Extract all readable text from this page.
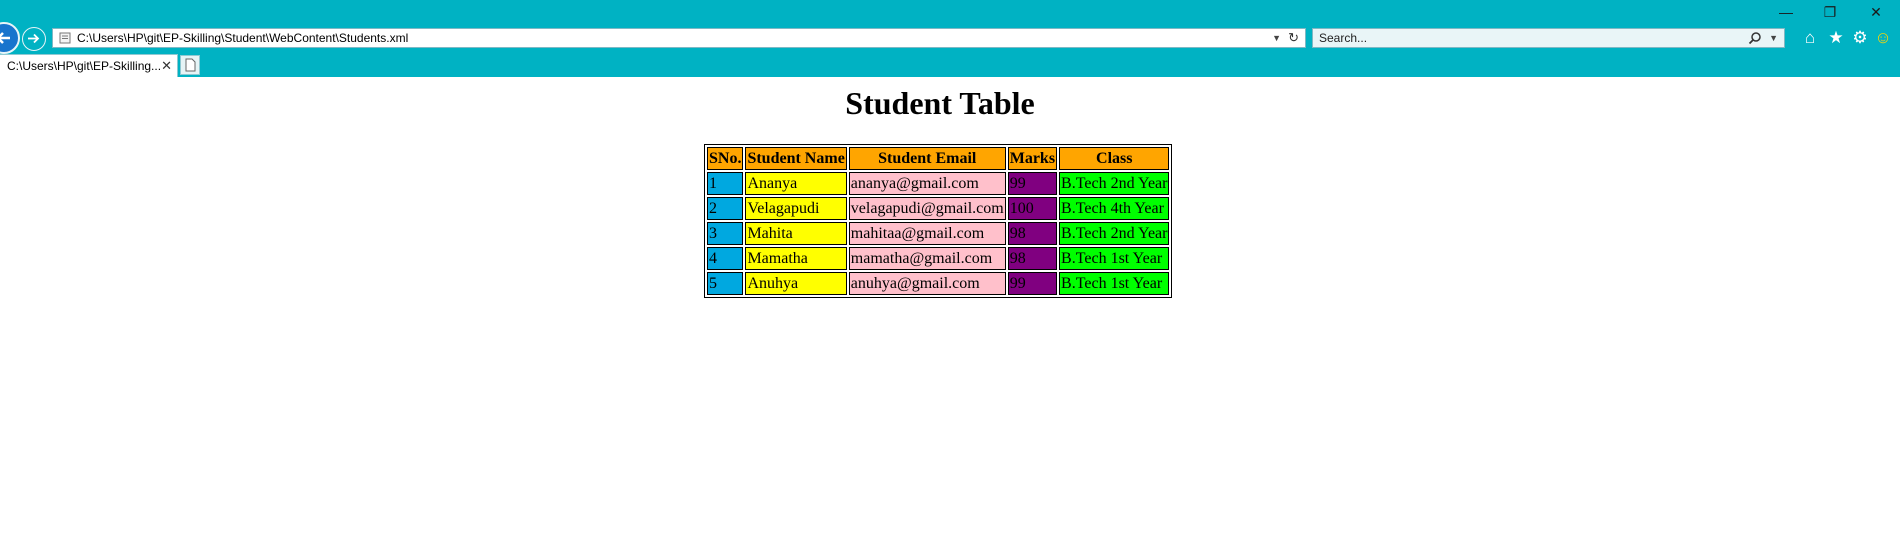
—	❐	✕
C:\Users\HP\git\EP-Skilling\Student\WebContent\Students.xml	▼ ↻ Search...	▼ ⌂ ★ ⚙ ☺
C:\Users\HP\git\EP-Skilling... ✕
Student Table
SNo.	Student Name	Student Email	Marks	Class
1	Ananya	ananya@gmail.com	99	B.Tech 2nd Year
2	Velagapudi	velagapudi@gmail.com	100	B.Tech 4th Year
3	Mahita	mahitaa@gmail.com	98	B.Tech 2nd Year
4	Mamatha	mamatha@gmail.com	98	B.Tech 1st Year
5	Anuhya	anuhya@gmail.com	99	B.Tech 1st Year
